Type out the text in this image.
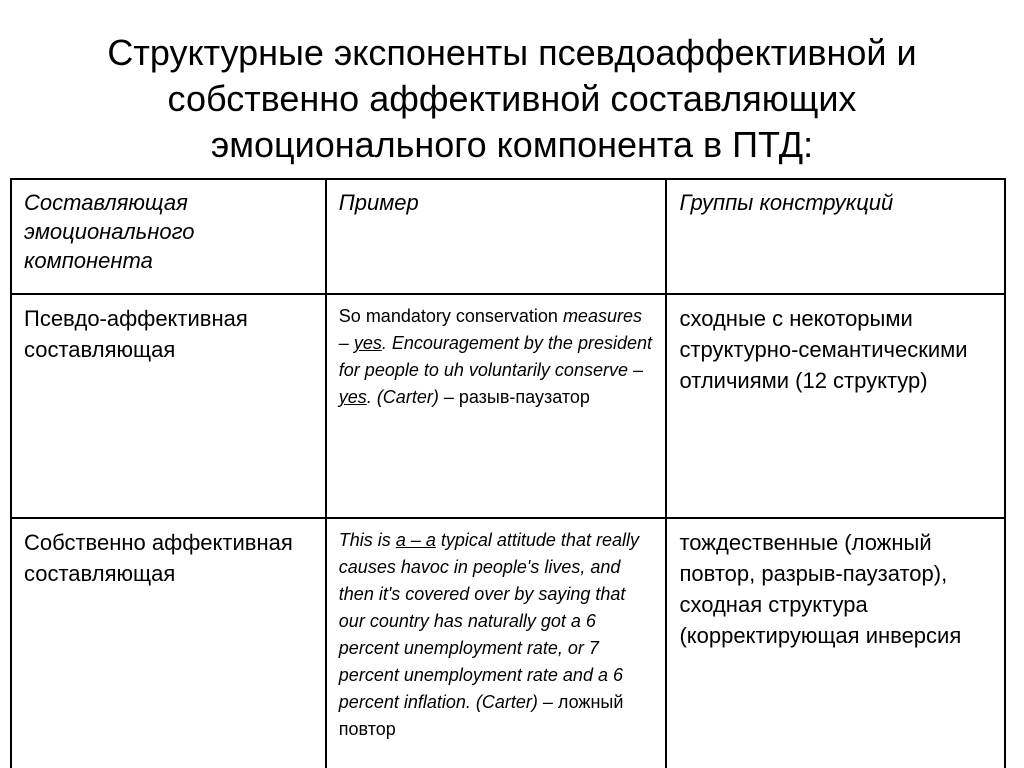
Структурные экспоненты псевдоаффективной и
собственно аффективной составляющих
эмоционального компонента в ПТД:
Составляющая эмоционального компонента	Пример	Группы конструкций
Псевдо-аффективная составляющая	So mandatory conservation measures – yes. Encouragement by the president for people to uh voluntarily conserve – yes. (Carter) – разыв-паузатор	сходные с некоторыми структурно-семантическими отличиями (12 структур)
Собственно аффективная составляющая	This is a – a typical attitude that really causes havoc in people's lives, and then it's covered over by saying that our country has naturally got a 6 percent unemployment rate, or 7 percent unemployment rate and a 6 percent inflation. (Carter) – ложный повтор	тождественные (ложный повтор, разрыв-паузатор), сходная структура (корректирующая инверсия
